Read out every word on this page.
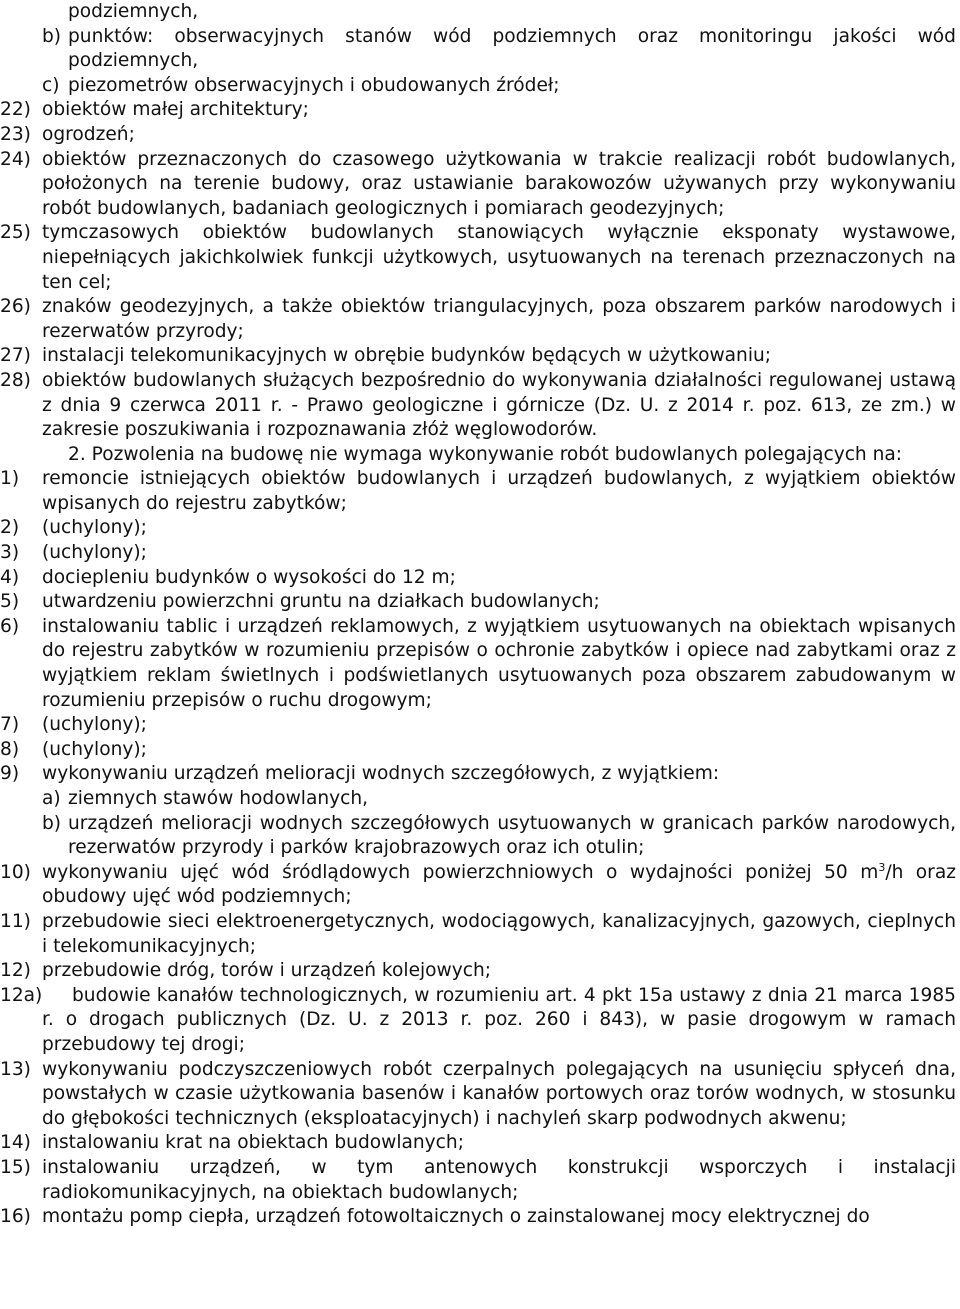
podziemnych,
b) punktów: obserwacyjnych stanów wód podziemnych oraz monitoringu jakości wód podziemnych,
c) piezometrów obserwacyjnych i obudowanych źródeł;
22) obiektów małej architektury;
23) ogrodzeń;
24) obiektów przeznaczonych do czasowego użytkowania w trakcie realizacji robót budowlanych, położonych na terenie budowy, oraz ustawianie barakowozów używanych przy wykonywaniu robót budowlanych, badaniach geologicznych i pomiarach geodezyjnych;
25) tymczasowych obiektów budowlanych stanowiących wyłącznie eksponaty wystawowe, niepełniących jakichkolwiek funkcji użytkowych, usytuowanych na terenach przeznaczonych na ten cel;
26) znaków geodezyjnych, a także obiektów triangulacyjnych, poza obszarem parków narodowych i rezerwatów przyrody;
27) instalacji telekomunikacyjnych w obrębie budynków będących w użytkowaniu;
28) obiektów budowlanych służących bezpośrednio do wykonywania działalności regulowanej ustawą z dnia 9 czerwca 2011 r. - Prawo geologiczne i górnicze (Dz. U. z 2014 r. poz. 613, ze zm.) w zakresie poszukiwania i rozpoznawania złóż węglowodorów.
2. Pozwolenia na budowę nie wymaga wykonywanie robót budowlanych polegających na:
1)	remoncie istniejących obiektów budowlanych i urządzeń budowlanych, z wyjątkiem obiektów wpisanych do rejestru zabytków;
2)	(uchylony);
3)	(uchylony);
4)	dociepleniu budynków o wysokości do 12 m;
5)	utwardzeniu powierzchni gruntu na działkach budowlanych;
6)	instalowaniu tablic i urządzeń reklamowych, z wyjątkiem usytuowanych na obiektach wpisanych do rejestru zabytków w rozumieniu przepisów o ochronie zabytków i opiece nad zabytkami oraz z wyjątkiem reklam świetlnych i podświetlanych usytuowanych poza obszarem zabudowanym w rozumieniu przepisów o ruchu drogowym;
7)	(uchylony);
8)	(uchylony);
9)	wykonywaniu urządzeń melioracji wodnych szczegółowych, z wyjątkiem:
a) ziemnych stawów hodowlanych,
b) urządzeń melioracji wodnych szczegółowych usytuowanych w granicach parków narodowych, rezerwatów przyrody i parków krajobrazowych oraz ich otulin;
10) wykonywaniu ujęć wód śródlądowych powierzchniowych o wydajności poniżej 50 $m^3/h$ oraz obudowy ujęć wód podziemnych;
11) przebudowie sieci elektroenergetycznych, wodociągowych, kanalizacyjnych, gazowych, cieplnych i telekomunikacyjnych;
12) przebudowie dróg, torów i urządzeń kolejowych;
12a)	budowie kanałów technologicznych, w rozumieniu art. 4 pkt 15a ustawy z dnia 21 marca 1985 r. o drogach publicznych (Dz. U. z 2013 r. poz. 260 i 843), w pasie drogowym w ramach przebudowy tej drogi;
13) wykonywaniu podczyszczeniowych robót czerpalnych polegających na usunięciu spłyceń dna, powstałych w czasie użytkowania basenów i kanałów portowych oraz torów wodnych, w stosunku do głębokości technicznych (eksploatacyjnych) i nachyleń skarp podwodnych akwenu;
14) instalowaniu krat na obiektach budowlanych;
15) instalowaniu urządzeń, w tym antenowych konstrukcji wsporczych i instalacji radiokomunikacyjnych, na obiektach budowlanych;
16) montażu pomp ciepła, urządzeń fotowoltaicznych o zainstalowanej mocy elektrycznej do
